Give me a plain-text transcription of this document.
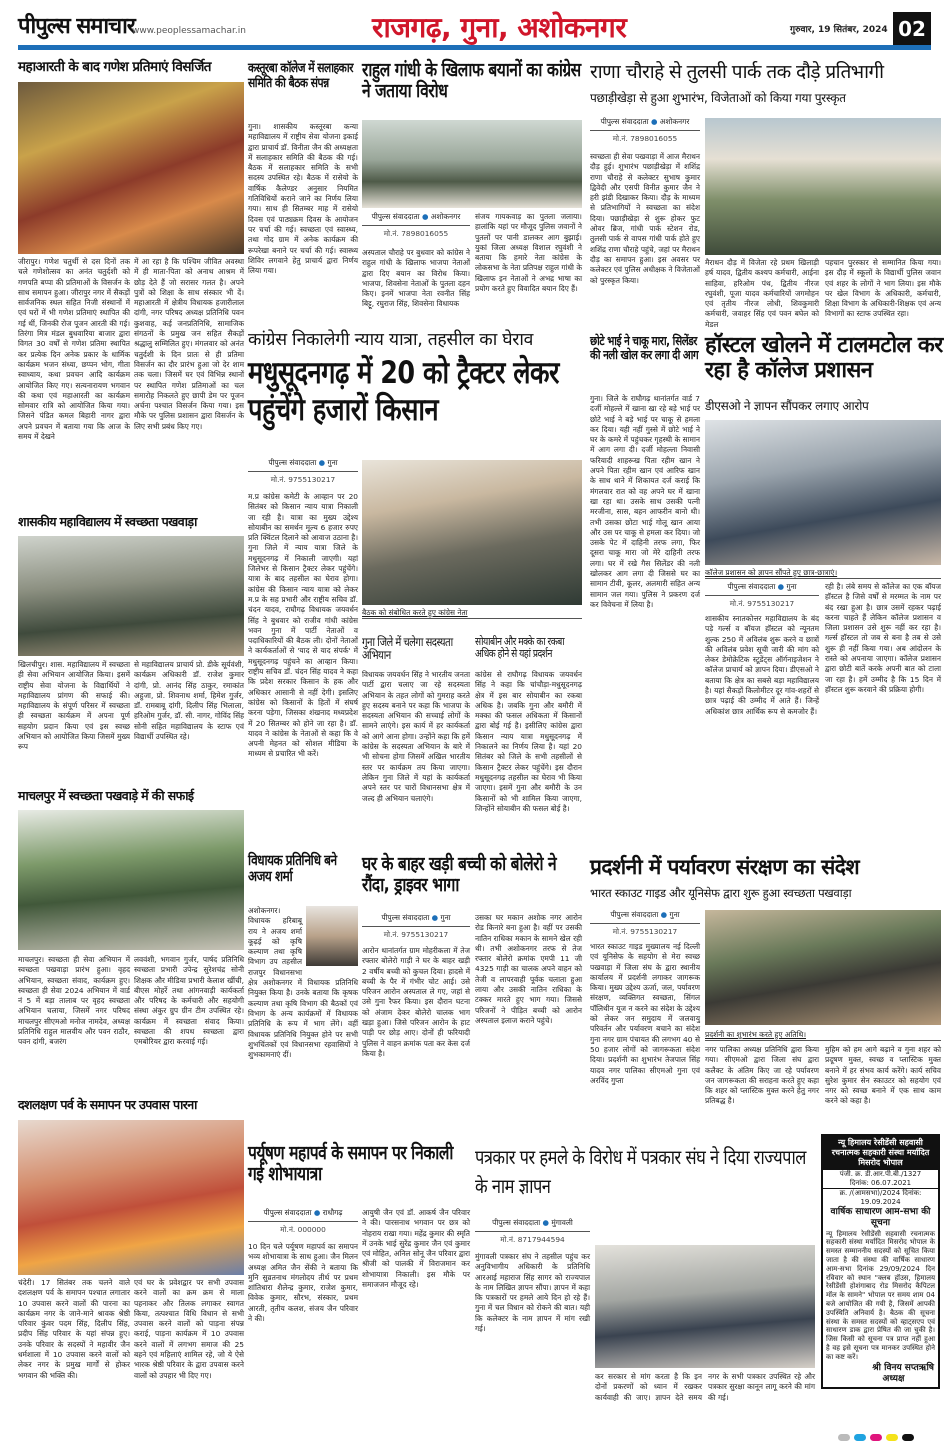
पीपुल्स समाचार
www.peoplessamachar.in	राजगढ़, गुना, अशोकनगर	गुरुवार, 19 सितंबर, 2024 02
महाआरती के बाद गणेश प्रतिमाएं विसर्जित
जीरापुर। गणेश चतुर्थी से दस दिनों तक चले गणेशोत्सव का अनंत चतुर्दशी को गणपति बप्पा की प्रतिमाओं के विसर्जन के साथ समापन हुआ। जीरापुर नगर में सैकड़ों सार्वजनिक स्थल सहित निजी संस्थानों में एवं घरों में भी गणेश प्रतिमाएं स्थापित की गई थीं, जिनकी रोज पूजन आरती की गई। तिरंगा मित्र मंडल बुधवारिया बाजार द्वारा विगत 30 वर्षों से गणेश प्रतिमा स्थापित कर प्रत्येक दिन अनेक प्रकार के धार्मिक कार्यक्रम भजन संध्या, छप्पन भोग, गीता स्वाध्याय, कथा प्रवचन आदि कार्यक्रम आयोजित किए गए। सत्यनारायण भगवान की कथा एवं महाआरती का कार्यक्रम सोमवार रात्रि को आयोजित किया गया। जिसने पंडित कमल बिहारी नागर द्वारा अपने प्रवचन में बताया गया कि आज के समय में देखने
में आ रहा है कि पश्चिम जीवित अवस्था में ही माता-पिता को अनाथ आश्रम में छोड़ देते हैं जो सरासर गलत है। अपने पुत्रों को शिक्षा के साथ संस्कार भी दें। महाआरती में क्षेत्रीय विधायक हजारीलाल दांगी, नगर परिषद अध्यक्ष प्रतिनिधि पवन कुशवाह, कई जनप्रतिनिधि, सामाजिक संगठनों के प्रमुख जन सहित सैकड़ों श्रद्धालु सम्मिलित हुए। मंगलवार को अनंत चतुर्दशी के दिन प्रातः से ही प्रतिमा विसर्जन का दौर प्रारंभ हुआ जो देर शाम तक चला। जिसमें घर एवं विभिन्न स्थानों पर स्थापित गणेश प्रतिमाओं का चल समारोह निकलते हुए छापी डेम पर पूजन अर्चना पश्चात विसर्जन किया गया। इस मौके पर पुलिस प्रशासन द्वारा विसर्जन के लिए सभी प्रबंध किए गए।
कस्तूरबा कॉलेज में सलाहकार समिति की बैठक संपन्न
गुना। शासकीय कस्तूरबा कन्या महाविद्यालय में राष्ट्रीय सेवा योजना इकाई द्वारा प्राचार्य डॉ. विनीता जैन की अध्यक्षता में सलाहकार समिति की बैठक की गई। बैठक में सलाहकार समिति के सभी सदस्य उपस्थित रहे। बैठक में रासेयो के वार्षिक कैलेण्डर अनुसार नियमित गतिविधियों कराने जाने का निर्णय लिया गया। साथ ही सितम्बर माह में रासेयो दिवस एवं पाठ्यक्रम दिवस के आयोजन पर चर्चा की गई। स्वच्छता एवं स्वास्थ्य, तथा गोद ग्राम में अनेक कार्यक्रम की रूपरेखा बनाने पर चर्चा की गई। स्वास्थ्य शिविर लगवाने हेतु प्राचार्य द्वारा निर्णय लिया गया।
राहुल गांधी के खिलाफ बयानों का कांग्रेस ने जताया विरोध
पीपुल्स संवाददाता ● अशोकनगर
मो.नं. 7898016055
अस्पताल चौराहे पर बुधवार को कांग्रेस ने राहुल गांधी के खिलाफ भाजपा नेताओं द्वारा दिए बयान का विरोध किया। भाजपा, शिवसेना नेताओं के पुतला दहन किए। इनमें भाजपा नेता रवनीत सिंह बिट्टू, रघुराज सिंह, शिवसेना विधायक
संजय गायकवाड़ का पुतला जलाया। हालांकि यहां पर मौजूद पुलिस जवानों ने पुतलों पर पानी डालकर आग बुझाई। युकां जिला अध्यक्ष विशाल रघुवंशी ने बताया कि हमारे नेता कांग्रेस के लोकसभा के नेता प्रतिपक्ष राहुल गांधी के खिलाफ इन नेताओं ने अभद्र भाषा का प्रयोग करते हुए विवादित बयान दिए हैं।
राणा चौराहे से तुलसी पार्क तक दौड़े प्रतिभागी
पछाड़ीखेड़ा से हुआ शुभारंभ, विजेताओं को किया गया पुरस्कृत
पीपुल्स संवाददाता ● अशोकनगर
मो.नं. 7898016055
स्वच्छता ही सेवा पखवाड़ा में आज मैराथन दौड़ हुई। शुभारंभ पछाड़ीखेड़ा में शशिंद्र राणा चौराहे से कलेक्टर सुभाष कुमार द्विवेदी और एसपी विनीत कुमार जैन ने हरी झंडी दिखाकर किया। दौड़ के माध्यम से प्रतिभागियों ने स्वच्छता का संदेश दिया। पछाड़ीखेड़ा से शुरू होकर फुट ओवर ब्रिज, गांधी पार्क स्टेशन रोड, तुलसी पार्क से वापस गांधी पार्क होते हुए शशिंद्र राणा चौराहे पहुंचे, जहां पर मैराथन दौड़ का समापन हुआ। इस अवसर पर कलेक्टर एवं पुलिस अधीक्षक ने विजेताओं को पुरस्कृत किया।
मैराथन दौड़ में विजेता रहे प्रथम खिलाड़ी हर्ष यादव, द्वितीय कश्यप कर्मचारी, आईना साहिवा, हरिओम पंथ, द्वितीय नीरज रघुवंशी, पूजा यादव कर्मचारियों जगमोहन एवं तृतीय नीरज लोधी, शिवकुमारी कर्मचारी, जवाहर सिंह एवं पवन बघेल को मेडल
पहचान पुरस्कार से सम्मानित किया गया। इस दौड़ में स्कूलों के विद्यार्थी पुलिस जवान एवं शहर के लोगों ने भाग लिया। इस मौके पर खेल विभाग के अधिकारी, कर्मचारी, शिक्षा विभाग के अधिकारी-शिक्षक एवं अन्य विभागों का स्टाफ उपस्थित रहा।
कांग्रेस निकालेगी न्याय यात्रा, तहसील का घेराव
मधुसूदनगढ़ में 20 को ट्रैक्टर लेकर पहुंचेंगे हजारों किसान
पीपुल्स संवाददाता ● गुना
मो.नं. 9755130217
म.प्र कांग्रेस कमेटी के आव्हान पर 20 सितंबर को किसान न्याय यात्रा निकाली जा रही है। यात्रा का मुख्य उद्देश्य सोयाबीन का समर्थन मूल्य 6 हजार रुपए प्रति क्विंटल दिलाने को आवाज उठाना है। गुना जिले में न्याय यात्रा जिले के मधुसूदनगढ़ में निकाली जाएगी। यहां जिलेभर से किसान ट्रैक्टर लेकर पहुंचेंगे। यात्रा के बाद तहसील का घेराव होगा। कांग्रेस की किसान न्याय यात्रा को लेकर म.प्र के सह प्रभारी और राष्ट्रीय सचिव डॉ. चंदन यादव, राघौगढ़ विधायक जयवर्धन सिंह ने बुधवार को राजीव गांधी कांग्रेस भवन गुना में पार्टी नेताओं व पदाधिकारियों की बैठक ली। दोनों नेताओं ने कार्यकर्ताओं से 'याद से याद संपर्क' में मधुसूदनगढ़ पहुंचने का आव्हान किया। राष्ट्रीय सचिव डॉ. चंदन सिंह यादव ने कहा कि प्रदेश सरकार किसान के हक और अधिकार आसानी से नहीं देगी। इसलिए कांग्रेस को किसानों के हितों में संघर्ष करना पड़ेगा, जिसका शंखनाद मध्यप्रदेश में 20 सितम्बर को होने जा रहा है। डॉ. यादव ने कांग्रेस के नेताओं से कहा कि वे अपनी मेहनत को सोशल मीडिया के माध्यम से प्रचारित भी करें।
बैठक को संबोधित करते हुए कांग्रेस नेता
गुना जिले में चलेगा सदस्यता अभियान
विधायक जयवर्धन सिंह ने भारतीय जनता पार्टी द्वारा चलाए जा रहे सदस्यता अभियान के तहत लोगों को गुमराह करते हुए सदस्य बनाने पर कहा कि भाजपा के सदस्यता अभियान की सच्चाई लोगों के सामने लाएंगे। इस कार्य में हर कार्यकर्ता को आगे आना होगा। उन्होंने कहा कि हमें कांग्रेस के सदस्यता अभियान के बारे में भी सोचना होगा जिसमें अखिल भारतीय स्तर पर कार्यक्रम तय किया जाएगा। लेकिन गुना जिले में यहां के कार्यकर्ता अपने स्तर पर चारों विधानसभा क्षेत्र में जल्द ही अभियान चलाएंगे।
सोयाबीन और मक्के का रकबा अधिक होने से यहां प्रदर्शन
कांग्रेस से राघौगढ़ विधायक जयवर्धन सिंह ने कहा कि चांचौड़ा-मधुसूदनगढ़ क्षेत्र में इस बार सोयाबीन का रकबा अधिक है। जबकि गुना और बमौरी में मक्का की फसल अधिकता में किसानों द्वारा बोई गई है। इसीलिए कांग्रेस द्वारा किसान न्याय यात्रा मधुसूदनगढ़ में निकालने का निर्णय लिया है। यहां 20 सितंबर को जिले के सभी तहसीलों से किसान ट्रैक्टर लेकर पहुंचेंगे। इस दौरान मधुसूदनगढ़ तहसील का घेराव भी किया जाएगा। इसमें गुना और बमौरी के उन किसानों को भी शामिल किया जाएगा, जिन्होंने सोयाबीन की फसल बोई है।
छोटे भाई ने चाकू मारा, सिलेंडर की नली खोल कर लगा दी आग
गुना। जिले के राघौगढ़ थानांतर्गत वार्ड 7 दर्जी मोहल्ले में खाना खा रहे बड़े भाई पर छोटे भाई ने बड़े भाई पर चाकू से हमला कर दिया। यही नहीं गुस्से में छोटे भाई ने घर के कमरे में पहुंचकर गृहस्थी के सामान में आग लगा दी। दर्जी मोहल्ला निवासी फरियादी शाहरूख पिता रहीम खान ने अपने पिता रहीम खान एवं आरिफ खान के साथ थाने में शिकायत दर्ज कराई कि मंगलवार रात को वह अपने घर में खाना खा रहा था। उसके साथ उसकी पत्नी मरजीना, सास, बहन आफरीन बानो थी। तभी उसका छोटा भाई गोलू खान आया और उस पर चाकू से हमला कर दिया। जो उसके पेट में दाहिनी तरफ लगा, फिर दूसरा चाकू मारा जो मेरे दाहिनी तरफ लगा। घर में रखे गैस सिलेंडर की नली खोलकर आग लगा दी जिससे घर का सामान टीवी, कूलर, अलमारी सहित अन्य सामान जल गया। पुलिस ने प्रकरण दर्ज कर विवेचना में लिया है।
हॉस्टल खोलने में टालमटोल कर रहा है कॉलेज प्रशासन
डीएसओ ने ज्ञापन सौंपकर लगाए आरोप
कॉलेज प्रशासन को ज्ञापन सौंपते हुए छात्र-छात्राएं।
पीपुल्स संवाददाता ● गुना
मो.नं. 9755130217
शासकीय स्नातकोत्तर महाविद्यालय के बंद पड़े गर्ल्स व बॉयज हॉस्टल को न्यूनतम शुल्क 250 में अविलंब शुरू करने व छात्रों की अविलंब प्रवेश सूची जारी की मांग को लेकर डेमोक्रेटिक स्टूडेंट्स ऑर्गनाइजेशन ने कॉलेज प्राचार्य को ज्ञापन दिया। डीएसओ ने बताया कि क्षेत्र का सबसे बड़ा महाविद्यालय है। यहां सैकड़ों किलोमीटर दूर गांव-शहरों से छात्र पढ़ाई की उम्मीद में आते हैं। जिन्हें अधिकांश छात्र आर्थिक रूप से कमजोर हैं।
रही है। लंबे समय से कॉलेज का एक बॉयज हॉस्टल है जिसे वर्षों से मरम्मत के नाम पर बंद रखा हुआ है। छात्र उसमें रहकर पढ़ाई करना चाहते हैं लेकिन कॉलेज प्रशासन व जिला प्रशासन उसे शुरू नहीं कर रहा है। गर्ल्स हॉस्टल तो जब से बना है तब से उसे शुरू ही नहीं किया गया। अब आंदोलन के रास्ते को अपनाया जाएगा। कॉलेज प्रशासन द्वारा छोटी बातें करके अपनी बात को टाला जा रहा है। हमें उम्मीद है कि 15 दिन में हॉस्टल शुरू करवाने की प्रक्रिया होगी।
प्रदर्शनी में पर्यावरण संरक्षण का संदेश
भारत स्काउट गाइड और यूनिसेफ द्वारा शुरू हुआ स्वच्छता पखवाड़ा
पीपुल्स संवाददाता ● गुना
मो.नं. 9755130217
भारत स्काउट गाइड मुख्यालय नई दिल्ली एवं यूनिसेफ के सहयोग से मेरा स्वच्छ पखवाड़ा में जिला संघ के द्वारा स्थानीय कार्यालय में प्रदर्शनी लगाकर जागरूक किया। मुख्य उद्देश्य ऊर्जा, जल, पर्यावरण संरक्षण, व्यक्तिगत स्वच्छता, सिंगल पॉलिथीन यूज न करने का संदेश के उद्देश्य को लेकर जन समुदाय में जलवायु परिवर्तन और पर्यावरण बचाने का संदेश गुना नगर ग्राम पंचायत की लगभग 40 से 50 हजार लोगों को जागरूकता संदेश दिया। प्रदर्शनी का शुभारंभ तेजपाल सिंह यादव नगर पालिका सीएमओ गुना एवं अरविंद गुप्ता
प्रदर्शनी का शुभारंभ करते हुए अतिथि।
नगर पालिका अध्यक्ष प्रतिनिधि द्वारा किया गया। सीएमओ द्वारा जिला संघ द्वारा कलैक्ट के अंतिम किए जा रहे पर्यावरण जन जागरूकता की सराहना करते हुए कहा कि शहर को प्लास्टिक मुक्त करने हेतु नगर प्रतिबद्ध है।
मुहिम को हम आगे बढ़ाने व गुना शहर को प्रदूषण मुक्त, स्वच्छ व प्लास्टिक मुक्त बनाने में हर संभव कार्य करेंगे। कार्य सचिव सुरेश कुमार सेन स्काउटर को सहयोग एवं नगर को स्वच्छ बनाने में एक साथ काम करने को कहा है।
शासकीय महाविद्यालय में स्वच्छता पखवाड़ा
खिलचीपुर। शास. महाविद्यालय में स्वच्छता ही सेवा अभियान आयोजित किया। इसमें राष्ट्रीय सेवा योजना के विद्यार्थियों ने महाविद्यालय प्रांगण की सफाई की। महाविद्यालय के संपूर्ण परिसर में स्वच्छता ही स्वच्छता कार्यक्रम में अपना पूर्ण सहयोग प्रदान किया एवं इस स्वच्छ अभियान को आयोजित किया जिसमें मुख्य रूप
से महाविद्यालय प्राचार्य प्रो. डीके सूर्यवंशी, कार्यक्रम अधिकारी डॉ. राजेश कुमार दांगी, प्रो. आनंद सिंह ठाकुर, रमाकांत अहुजा, प्रो. शिवनाथ शर्मा, हिमेश गुर्जर, डॉ. रामबाबू दांगी, दिलीप सिंह भिलाला, हरिओम गुर्जर, डॉ. सी. नागर, गोविंद सिंह सोनी सहित महाविद्यालय के स्टाफ एवं विद्यार्थी उपस्थित रहे।
माचलपुर में स्वच्छता पखवाड़े में की सफाई
माचलपुर। स्वच्छता ही सेवा अभियान में स्वच्छता पखवाड़ा प्रारंभ हुआ। वृहद अभियान, स्वच्छता संवाद, कार्यक्रम हुए। स्वच्छता ही सेवा 2024 अभियान में वार्ड नं 5 में बड़ा तालाब पर वृहद स्वच्छता अभियान चलाया, जिसमें नगर परिषद माचलपुर सीएमओ मनोज नामदेव, अध्यक्ष प्रतिनिधि राहुल मालवीय और पवन राठौर, पवन दांगी, बजरंग
लववंशी, भगवान गुर्जर, पार्षद प्रतिनिधि स्वच्छता प्रभारी उपेन्द्र सुरेशचंद्र सोनी शिक्षक और मीडिया प्रभारी केलाश खींची, बीएस मोहर्रे तथा आंगनवाड़ी कार्यकर्ता और परिषद के कर्मचारी और सहयोगी संस्था अंकुर ग्रुप ग्रीन टीम उपस्थित रहे। कार्यक्रम में स्वच्छता संवाद किया। स्वच्छता की शपथ स्वच्छता द्वारा एमबोरियर द्वारा करवाई गई।
दशलक्षण पर्व के समापन पर उपवास पारना
चंदेरी। 17 सितंबर तक चलने वाले दशलक्षण पर्व के समापन पश्चात लगातार 10 उपवास करने वालों की पारना का कार्यक्रम नगर के जाने-माने श्रावक श्रेष्ठी परिवार कुंवर पदम सिंह, दिलीप सिंह, प्रदीप सिंह परिवार के यहां संपन्न हुए। उनके परिवार के सदस्यों ने महावीर जैन धर्मशाला में 10 उपवास करने वालों को लेकर नगर के प्रमुख मार्गों से होकर भगवान की भक्ति की।
एवं घर के प्रवेशद्वार पर सभी उपवास करने वालों का क्रम क्रम से माला पहनाकर और तिलक लगाकर स्वागत किया, तत्पश्चात विधि विधान से सभी उपवास करने वालों को पाड़ना संपन्न कराई, पाड़ना कार्यक्रम में 10 उपवास करने वालों में लगभग समाज की 25 बहने एवं महिलाएं शामिल रहे, जो ये ऐसे भारक श्रेष्ठी परिवार के द्वारा उपवास करने वालों को उपहार भी दिए गए।
विधायक प्रतिनिधि बने अजय शर्मा
अशोकनगर। विधायक हरिबाबू राय ने अजय शर्मा कूढ़ई को कृषि कल्याण तथा कृषि विभाग उप तहसील राजपुर विधानसभा क्षेत्र अशोकनगर में विधायक प्रतिनिधि नियुक्त किया है। उनके बताया कि कृषक कल्याण तथा कृषि विभाग की बैठकों एवं विभाग के अन्य कार्यक्रमों में विधायक प्रतिनिधि के रूप में भाग लेंगे। वहीं विधायक प्रतिनिधि नियुक्त होने पर सभी शुभचिंतकों एवं विधानसभा रहवासियों ने शुभकामनाएं दीं।
घर के बाहर खड़ी बच्ची को बोलेरो ने रौंदा, ड्राइवर भागा
पीपुल्स संवाददाता ● गुना
मो.नं. 9755130217
आरोन थानांतर्गत ग्राम मोहरीकला में तेज रफ्तार बोलेरो गाड़ी ने घर के बाहर खड़ी 2 वर्षीय बच्ची को कुचल दिया। हादसे में बच्ची के पैर में गंभीर चोट आई। उसे परिजन आरोन अस्पताल ले गए, जहां से उसे गुना रैफर किया। इस दौरान घटना को अंजाम देकर बोलेरो चालक भाग खड़ा हुआ। जिसे परिजन आरोन के हाट पाड़ी पर छोड़ आए। दोनों ही फरियादी पुलिस ने वाहन क्रमांक पता कर केस दर्ज किया है।
उसका घर मकान अशोक नगर आरोन रोड किनारे बना हुआ है। वहीं पर उसकी नातिन राधिका मकान के सामने खेल रही थी। तभी अशोकनगर तरफ से तेज रफ्तार बोलेरो क्रमांक एमपी 11 जी 4325 गाड़ी का चालक अपने वाहन को तेजी व लापरवाही पूर्वक चलाता हुआ लाया और उसकी नातिन राधिका के टक्कर मारते हुए भाग गया। जिससे परिजनों ने पीड़ित बच्ची को आरोन अस्पताल इलाज कराने पहुंचे।
पर्यूषण महापर्व के समापन पर निकाली गई शोभायात्रा
पीपुल्स संवाददाता ● राधौगढ़
मो.नं. 000000
10 दिन चले पर्यूषण महापर्व का समापन भव्य शोभायात्रा के साथ हुआ। जैन मिलन अध्यक्ष अमित जैन सेंकी ने बताया कि मुनि सुव्रतनाथ मंगलोदय तीर्थ पर प्रथम शांतिधारा शैलेन्द्र कुमार, राजेश कुमार, विवेक कुमार, सौरभ, संस्कार, प्रथम आरती, तृतीय कलश, संजय जैन परिवार ने की।
आयुषी जैन एवं डॉ. आकर्ष जैन परिवार ने की। पारसनाथ भगवान पर छत्र को नोहराय राखा गया। महेंद्र कुमार की स्मृति में उनके भाई सुरेंद्र कुमार जैन एवं कुमार एवं मोहित, अनिल सोनू जैन परिवार द्वारा श्रीजी को पालकी में विराजमान कर शोभायात्रा निकाली। इस मौके पर समाजजन मौजूद रहे।
पत्रकार पर हमले के विरोध में पत्रकार संघ ने दिया राज्यपाल के नाम ज्ञापन
पीपुल्स संवाददाता ● मुंगावली
मो.नं. 8717944594
मुंगावली पत्रकार संघ ने तहसील पहुंच कर अनुविभागीय अधिकारी के प्रतिनिधि आरआई महाराज सिंह सागर को राज्यपाल के नाम लिखित ज्ञापन सौंपा। ज्ञापन में कहा कि पत्रकारों पर हमले आये दिन हो रहे हैं। गुना में चल विधान को रोकने की बात। यही कि कलेक्टर के नाम ज्ञापन में मांग रखी गई।
कर सरकार से मांग करता है कि इन दोनों प्रकरणों को ध्यान में रखकर कार्यवाही की जाए। ज्ञापन देते समय नगर के सभी पत्रकार उपस्थित रहे और पत्रकार सुरक्षा कानून लागू करने की मांग की गई।
न्यू हिमालय रेसीडेंसी सहवासी रचनात्मक सहकारी संस्था मर्यादित मिसरोद भोपाल
पंजी. क्र. डी.आर.पी.बी./1327
दिनांक: 06.07.2021
क्र. /(आमसभा)/2024 दिनांक: 19.09.2024
वार्षिक साधारण आम-सभा की सूचना
न्यू हिमालय रेसीडेंसी सहवासी रचनात्मक सहकारी संस्था मर्यादित मिसरोद भोपाल के समस्त सम्माननीय सदस्यों को सूचित किया जाता है की संस्था की वार्षिक साधारण आम-सभा दिनांक 29/09/2024 दिन रविवार को स्थान "क्लब हॉउस, हिमालय रेसीडेंसी होशंगाबाद रोड मिसरोद कैपिटल मॉल के सामने" भोपाल पर समय शाम 04 बजे आयोजित की गयी है, जिसमें आपकी उपस्थिति अनिवार्य है। बैठक की सूचना संस्था के समस्त सदस्यों को व्हाट्सएप एवं साधारण डाक द्वारा प्रेषित की जा चुकी है। जिस किसी को सूचना पत्र प्राप्त नहीं हुआ है वह इसे सूचना पत्र मानकर उपस्थित होने का कष्ट करें।
श्री विनय सप्तऋषि
अध्यक्ष
